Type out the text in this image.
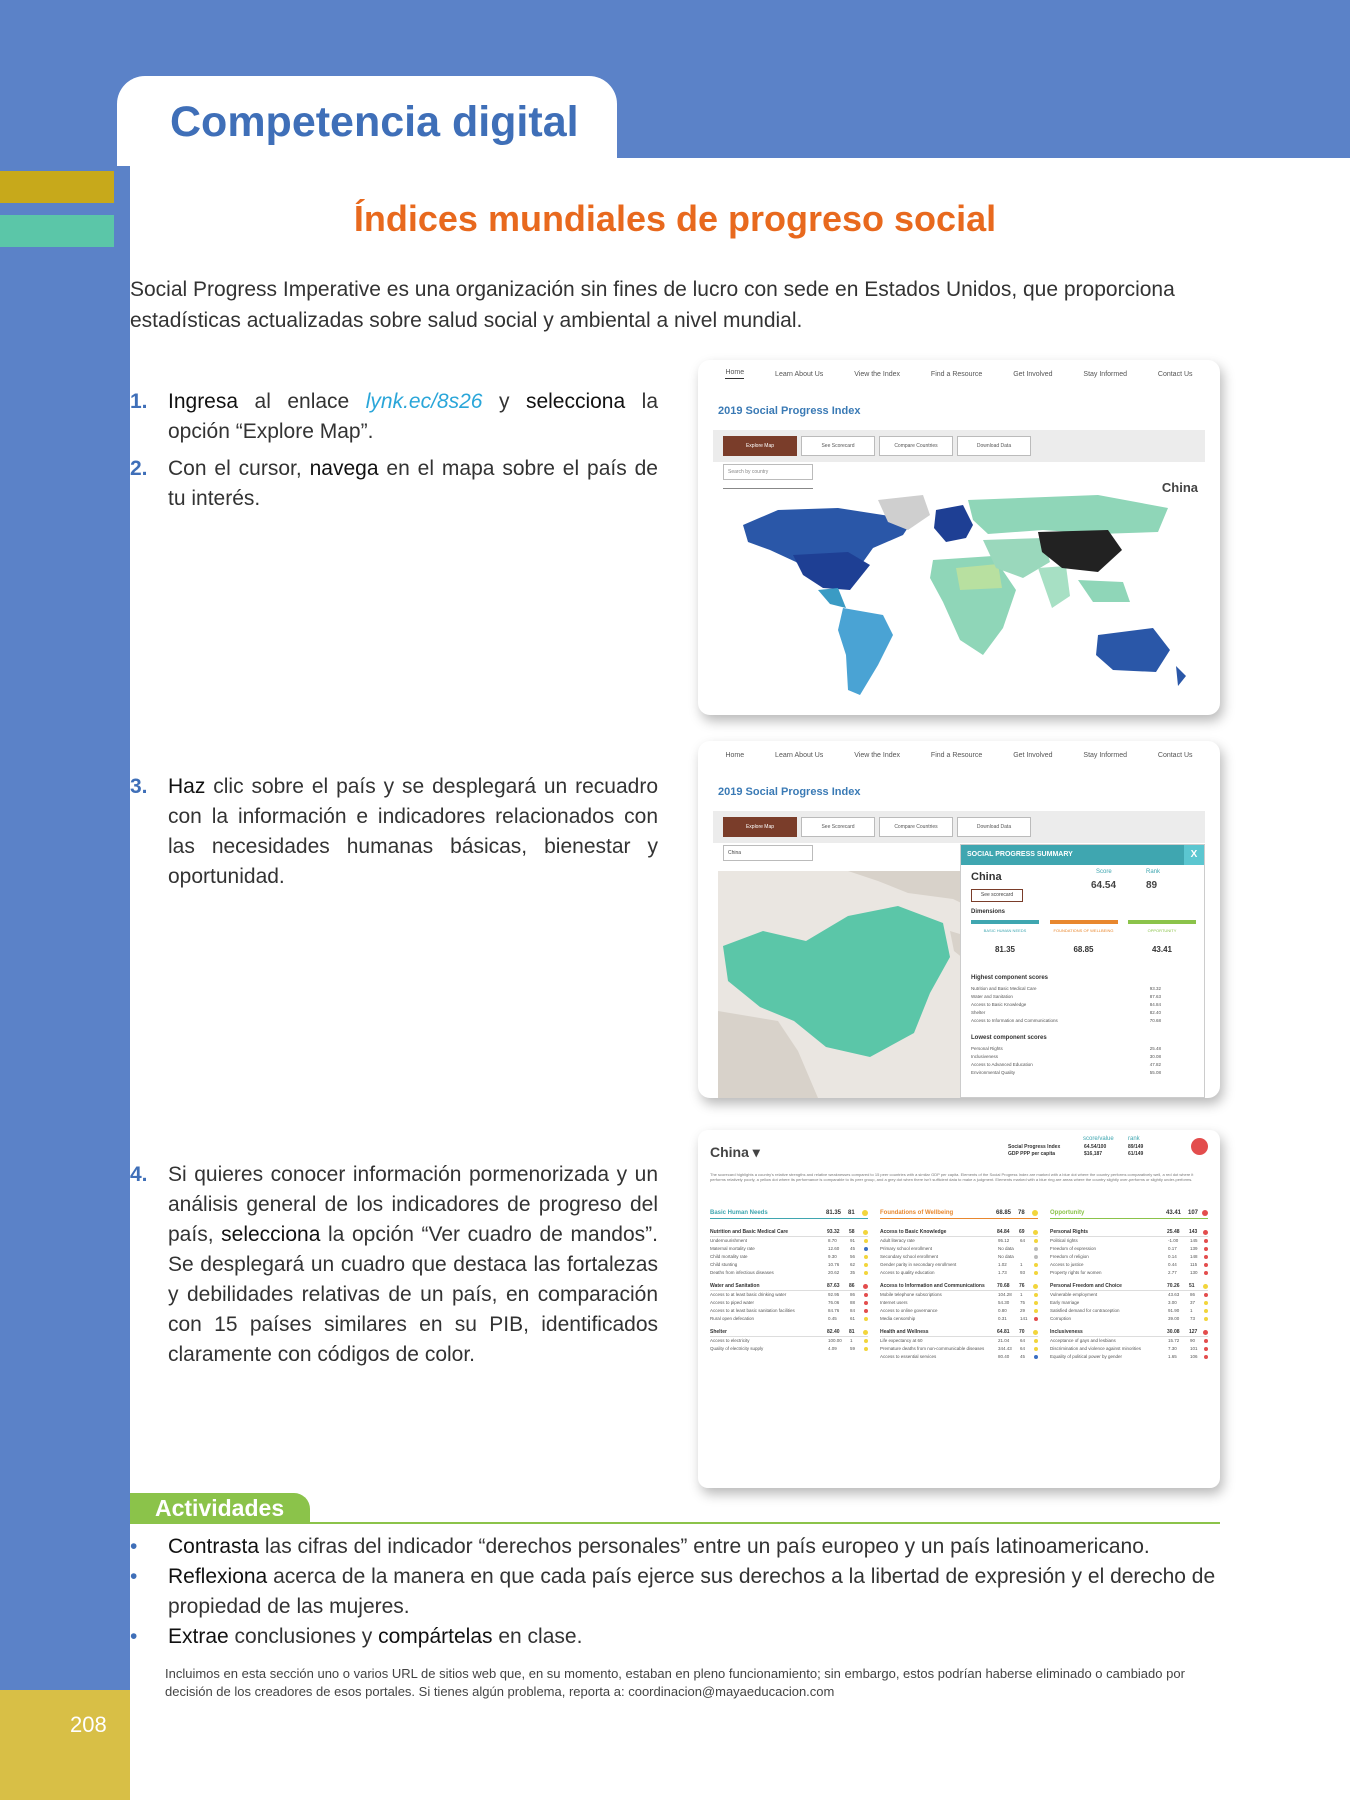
Competencia digital
208
Índices mundiales de progreso social

Social Progress Imperative es una organización sin fines de lucro con sede en Estados Unidos, que proporciona estadísticas actualizadas sobre salud social y ambiental a nivel mundial.

1. Ingresa al enlace lynk.ec/8s26 y selecciona la opción “Explore Map”.
2. Con el cursor, navega en el mapa sobre el país de tu interés.
3. Haz clic sobre el país y se desplegará un recuadro con la información e indicadores relacionados con las necesidades humanas básicas, bienestar y oportunidad.
4. Si quieres conocer información pormenorizada y un análisis general de los indicadores de progreso del país, selecciona la opción “Ver cuadro de mandos”. Se desplegará un cuadro que destaca las fortalezas y debilidades relativas de un país, en comparación con 15 países similares en su PIB, identificados claramente con códigos de color.
Home	Learn About Us	View the Index	Find a Resource	Get Involved	Stay Informed	Contact Us
2019 Social Progress Index
Explore Map	See Scorecard	Compare Countries	Download Data
Search by country
China
Home	Learn About Us	View the Index	Find a Resource	Get Involved	Stay Informed	Contact Us
2019 Social Progress Index
Explore Map	See Scorecard	Compare Countries	Download Data
China	SOCIAL PROGRESS SUMMARY	X
China	Score	Rank
64.54	89
See scorecard
Dimensions
BASIC HUMAN NEEDS
81.35
FOUNDATIONS OF WELLBEING
68.85
OPPORTUNITY
43.41
Highest component scores
Nutrition and Basic Medical Care	93.32
Water and Sanitation	87.63
Access to Basic Knowledge	84.84
Shelter	82.40
Access to Information and Communications	70.68
Lowest component scores
Personal Rights	25.48
Inclusiveness	30.08
Access to Advanced Education	47.82
Environmental Quality	55.08
China ▾
score/value rank
Social Progress Index	64.54/100	89/149
GDP PPP per capita	$16,187	61/149
The scorecard highlights a country's relative strengths and relative weaknesses compared to 15 peer countries with a similar GDP per capita. Elements of the Social Progress Index are marked with a blue dot where the country performs comparatively well, a red dot where it performs relatively poorly, a yellow dot where its performance is comparable to its peer group, and a grey dot when there isn't sufficient data to make a judgment. Elements marked with a blue ring are areas where the country slightly over-performs or slightly under-performs.
Basic Human Needs	81.35	81
Nutrition and Basic Medical Care	93.32	58
Undernourishment	8.70	91
Maternal mortality rate	12.60	45
Child mortality rate	9.30	56
Child stunting	10.76	62
Deaths from infectious diseases	20.62	35
Water and Sanitation	87.63	86
Access to at least basic drinking water	92.95	86
Access to piped water	76.06	88
Access to at least basic sanitation facilities	84.76	84
Rural open defecation	0.45	61
Shelter	82.40	81
Access to electricity	100.00	1
Quality of electricity supply	4.09	59
Foundations of Wellbeing	68.85	78
Access to Basic Knowledge	84.84	69
Adult literacy rate	95.12	64
Primary school enrollment	No data
Secondary school enrollment	No data
Gender parity in secondary enrollment	1.02	1
Access to quality education	1.73	93
Access to Information and Communications	70.68	76
Mobile telephone subscriptions	104.28	1
Internet users	54.30	75
Access to online governance	0.80	29
Media censorship	0.31	141
Health and Wellness	64.81	70
Life expectancy at 60	21.04	64
Premature deaths from non-communicable diseases	344.43	64
Access to essential services	80.40	45
Opportunity	43.41	107
Personal Rights	25.48	143
Political rights	-1.00	145
Freedom of expression	0.17	139
Freedom of religion	0.14	148
Access to justice	0.44	115
Property rights for women	2.77	130
Personal Freedom and Choice	70.26	51
Vulnerable employment	43.63	86
Early marriage	3.00	37
Satisfied demand for contraception	91.90	1
Corruption	39.00	73
Inclusiveness	30.08	127
Acceptance of gays and lesbians	15.72	90
Discrimination and violence against minorities	7.30	101
Equality of political power by gender	1.65	106
Actividades
• Contrasta las cifras del indicador “derechos personales” entre un país europeo y un país latinoamericano.
• Reflexiona acerca de la manera en que cada país ejerce sus derechos a la libertad de expresión y el derecho de propiedad de las mujeres.
• Extrae conclusiones y compártelas en clase.

Incluimos en esta sección uno o varios URL de sitios web que, en su momento, estaban en pleno funcionamiento; sin embargo, estos podrían haberse eliminado o cambiado por decisión de los creadores de esos portales. Si tienes algún problema, reporta a: coordinacion@mayaeducacion.com
